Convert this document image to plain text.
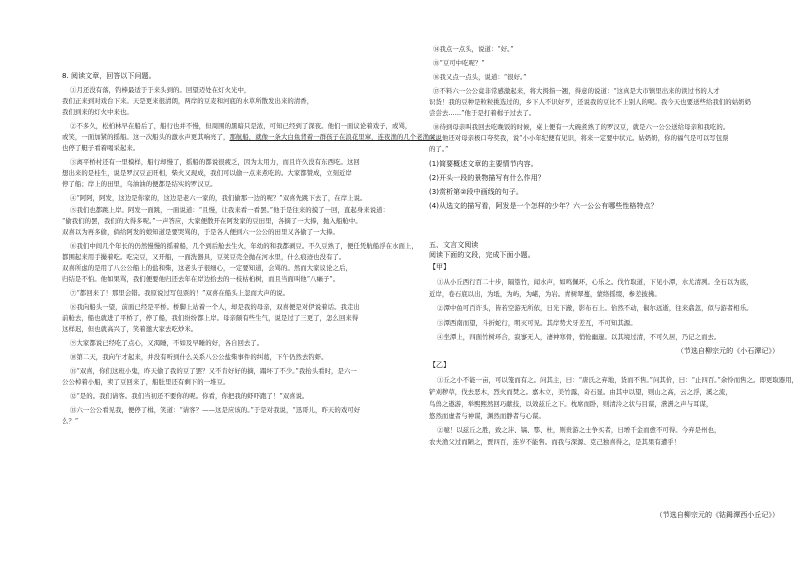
8. 阅读文章，回答以下问题。
①月还没有落，钓棒最适于于来头到的。回望迈处在灯火光中，
我们正来到对戏台下来。天是更来很清朗，两岸的豆麦和河底的水草所散发出来的清香，
我们到来的灯火中来也。
②不多久，松柏林早在船后了，船行也并不慢，但周围的黑暗只是浓，可知已经到了深夜。他们一面议论着戏子，或骂，
或笑，一面加紧的摇船。这一次船头的激水声更其响亮了，那航船，就像一条大白鱼背着一群孩子在浪花里窜，连夜渔的几个老渔父，
也停了艇子看着喝采起来。
③离平桥村还有一里模样，船行却慢了，摇船的都说很疲乏，因为太用力，而且许久没有东西吃。这回
想出来的是桂生，说是罗汉豆正旺相，柴火又现成，我们可以偷一点来煮吃的。大家都赞成，立刻近岸
停了船；岸上的田里，乌油油的便都是结实的罗汉豆。
④“阿阿，阿发，这边是你家的，这边是老六一家的，我们偷那一边的呢？”双喜先跳下去了，在岸上说。
⑤我们也都跳上岸。阿发一面跳，一面说道：“且慢，让我来看一看罢。”他于是往来的摸了一回，直起身来说道：
“偷我们的罢，我们的大得多呢。”一声答应，大家便散开在阿发家的豆田里，各摘了一大捧，抛入船舱中。
双喜以为再多偷，倘给阿发的娘知道是要哭骂的，于是各人便到六一公公的田里又各偷了一大捧。
⑥我们中间几个年长的仍然慢慢的摇着船，几个到后舱去生火，年幼的和我都剥豆。不久豆熟了，便任凭航船浮在水面上，
都围起来用手撮着吃。吃完豆，又开船，一面洗器具，豆荚豆壳全抛在河水里，什么痕迹也没有了。
双喜所虑的是用了八公公船上的盐和柴，这老头子很细心，一定要知道，会骂的。然而大家议论之后，
归结是不怕。他如果骂，我们便要他归还去年在岸边拾去的一枝枯桕树，而且当面叫他“八癞子”。
⑦“都回来了！那里会错。我原说过写包票的！”双喜在船头上忽而大声的说。
⑧我向船头一望，前面已经是平桥。桥脚上站着一个人，却是我的母亲，双喜便是对伊说着话。我走出
前舱去，船也就进了平桥了，停了船，我们纷纷都上岸。母亲颇有些生气，说是过了三更了，怎么回来得
这样迟，但也就高兴了，笑着邀大家去吃炒米。
⑨大家都说已经吃了点心，又渴睡，不如及早睡的好，各自回去了。
⑩第二天，我向午才起来，并没有听到什么关系八公公盐柴事件的纠葛，下午仍然去钓虾。
⑪“双喜，你们这班小鬼，昨天偷了我的豆了罢？又不肯好好的摘，蹋坏了不少。”我抬头看时，是六一
公公棹着小船，卖了豆回来了，船肚里还有剩下的一堆豆。
⑫“是的。我们请客。我们当初还不要你的呢。你看，你把我的虾吓跑了！”双喜说。
⑬六一公公看见我，便停了楫，笑道：“请客？——这是应该的。”于是对我说，“迅哥儿，昨天的戏可好
么？”
⑭我点一点头，说道：“好。”
⑮“豆可中吃呢？”
⑯我又点一点头，说道：“很好。”
⑰不料六一公公竟非常感激起来，将大拇指一翘，得意的说道：“这真是大市镇里出来的读过书的人才
识货！我的豆种是粒粒挑选过的，乡下人不识好歹，还说我的豆比不上别人的呢。我今天也要送些给我们的姑奶奶
尝尝去……”他于是打着楫子过去了。
⑱待到母亲叫我回去吃晚饭的时候，桌上便有一大碗煮熟了的罗汉豆，就是六一公公送给母亲和我吃的。
听说他还对母亲极口夸奖我，说“小小年纪便有见识，将来一定要中状元。姑奶奶，你的福气是可以写包票
的了。”
(1)简要概述文章的主要情节内容。
(2)开头一段的景物描写有什么作用？
(3)赏析第②段中画线的句子。
(4)从选文的描写看，阿发是一个怎样的少年？六一公公有哪些性格特点？
五、文言文阅读
阅读下面的文段，完成下面小题。
【甲】
①从小丘西行百二十步，隔篁竹，闻水声，如鸣佩环，心乐之。伐竹取道，下见小潭，水尤清冽。全石以为底，
近岸，卷石底以出，为坻，为屿，为嵁，为岩。青树翠蔓，蒙络摇缀，参差披拂。
②潭中鱼可百许头，皆若空游无所依，日光下澈，影布石上。佁然不动，俶尔远逝，往来翕忽，似与游者相乐。
③潭西南而望，斗折蛇行，明灭可见。其岸势犬牙差互，不可知其源。
④坐潭上，四面竹树环合，寂寥无人，凄神寒骨，悄怆幽邃。以其境过清，不可久居，乃记之而去。
（节选自柳宗元的《小石潭记》）
【乙】
①丘之小不能一亩，可以笼而有之。问其主，曰：“唐氏之弃地，货而不售。”问其价，曰：“止四百。”余怜而售之。即更取器用，
铲刈秽草，伐去恶木，烈火而焚之。嘉木立，美竹露，奇石显。由其中以望，则山之高，云之浮，溪之流，
鸟兽之遨游，举熙熙然回巧献技，以效兹丘之下。枕席而卧，则清泠之状与目谋，瀯瀯之声与耳谋，
悠然而虚者与神谋，渊然而静者与心谋。
②噫！以兹丘之胜，致之沣、镐、鄠、杜，则贵游之士争买者，日增千金而愈不可得。今弃是州也，
农夫渔父过而陋之，贾四百，连岁不能售。而我与深源、克己独喜得之，是其果有遭乎！
（节选自柳宗元的《钴鉧潭西小丘记》）
